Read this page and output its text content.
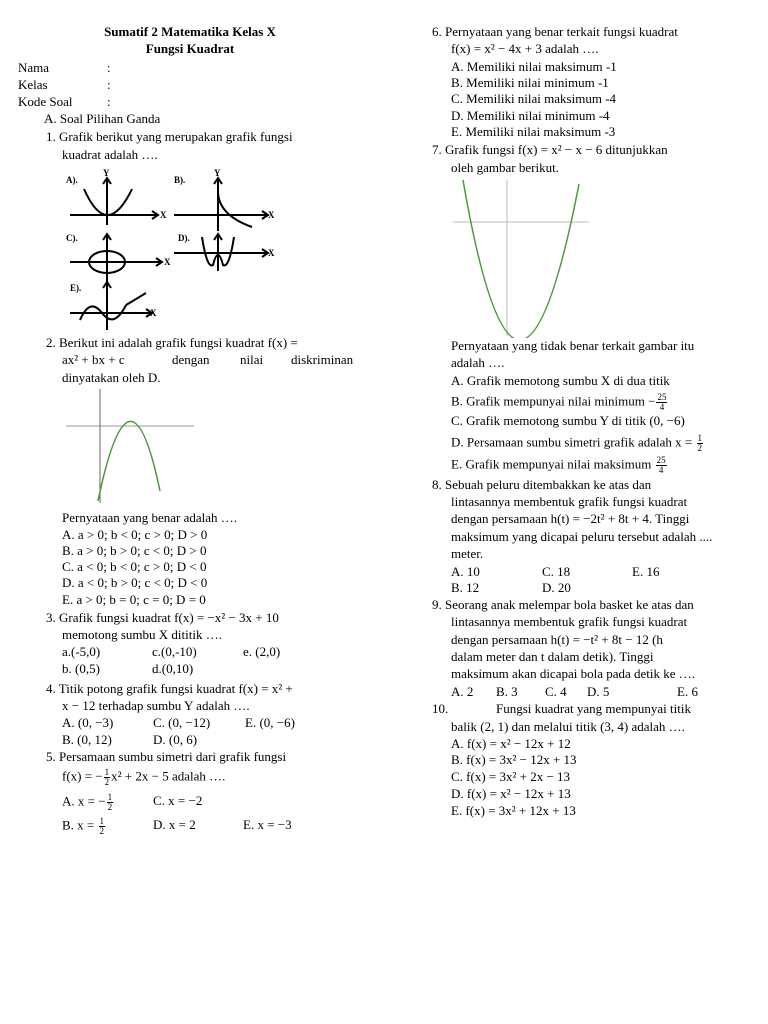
Sumatif 2 Matematika Kelas X
Fungsi Kuadrat
Nama	:
Kelas	:
Kode Soal	:
A. Soal Pilihan Ganda
1. Grafik berikut yang merupakan grafik fungsi
kuadrat adalah ….
A).	B).
C).	D).
E).
X
Y
X
Y
X
X
X
2. Berikut ini adalah grafik fungsi kuadrat f(x) =
ax² + bx + c	dengan nilai diskriminan
dinyatakan oleh D.
Pernyataan yang benar adalah ….
A. a > 0; b < 0; c > 0; D > 0
B. a > 0; b > 0; c < 0; D > 0
C. a < 0; b < 0; c > 0; D < 0
D. a < 0; b > 0; c < 0; D < 0
E. a > 0; b = 0; c = 0; D = 0
3. Grafik fungsi kuadrat f(x) = −x² − 3x + 10
memotong sumbu X dititik ….
a.(-5,0)	c.(0,-10)	e. (2,0)
b. (0,5)	d.(0,10)
4. Titik potong grafik fungsi kuadrat f(x) = x² +
x − 12 terhadap sumbu Y adalah ….
A. (0, −3)	C. (0, −12)	E. (0, −6)
B. (0, 12)	D. (0, 6)
5. Persamaan sumbu simetri dari grafik fungsi
f(x) = − $\frac{1}{2} x^2 + 2x - 5$ adalah ….
A. x = − $\frac{1}{2}$	C. x = −2
B. $x = \frac{1}{2}$	D. x = 2	E. x = −3
6. Pernyataan yang benar terkait fungsi kuadrat
f(x) = x² − 4x + 3 adalah ….
A. Memiliki nilai maksimum -1
B. Memiliki nilai minimum -1
C. Memiliki nilai maksimum -4
D. Memiliki nilai minimum -4
E. Memiliki nilai maksimum -3
7. Grafik fungsi f(x) = x² − x − 6 ditunjukkan
oleh gambar berikut.
Pernyataan yang tidak benar terkait gambar itu
adalah ….
A. Grafik memotong sumbu X di dua titik
B. Grafik mempunyai nilai minimum − $\frac{25}{4}$
C. Grafik memotong sumbu Y di titik (0, −6)
D. Persamaan sumbu simetri grafik adalah $x = \frac{1}{2}$
E. Grafik mempunyai nilai maksimum $\frac{25}{4}$
8. Sebuah peluru ditembakkan ke atas dan
lintasannya membentuk grafik fungsi kuadrat
dengan persamaan h(t) = −2t² + 8t + 4. Tinggi
maksimum yang dicapai peluru tersebut adalah ....
meter.
A. 10	C. 18	E. 16
B. 12	D. 20
9. Seorang anak melempar bola basket ke atas dan
lintasannya membentuk grafik fungsi kuadrat
dengan persamaan h(t) = −t² + 8t − 12 (h
dalam meter dan t dalam detik). Tinggi
maksimum akan dicapai bola pada detik ke ….
A. 2 B. 3 C. 4 D. 5	E. 6
10.	Fungsi kuadrat yang mempunyai titik
balik (2, 1) dan melalui titik (3, 4) adalah ….
A. f(x) = x² − 12x + 12
B. f(x) = 3x² − 12x + 13
C. f(x) = 3x² + 2x − 13
D. f(x) = x² − 12x + 13
E. f(x) = 3x² + 12x + 13
